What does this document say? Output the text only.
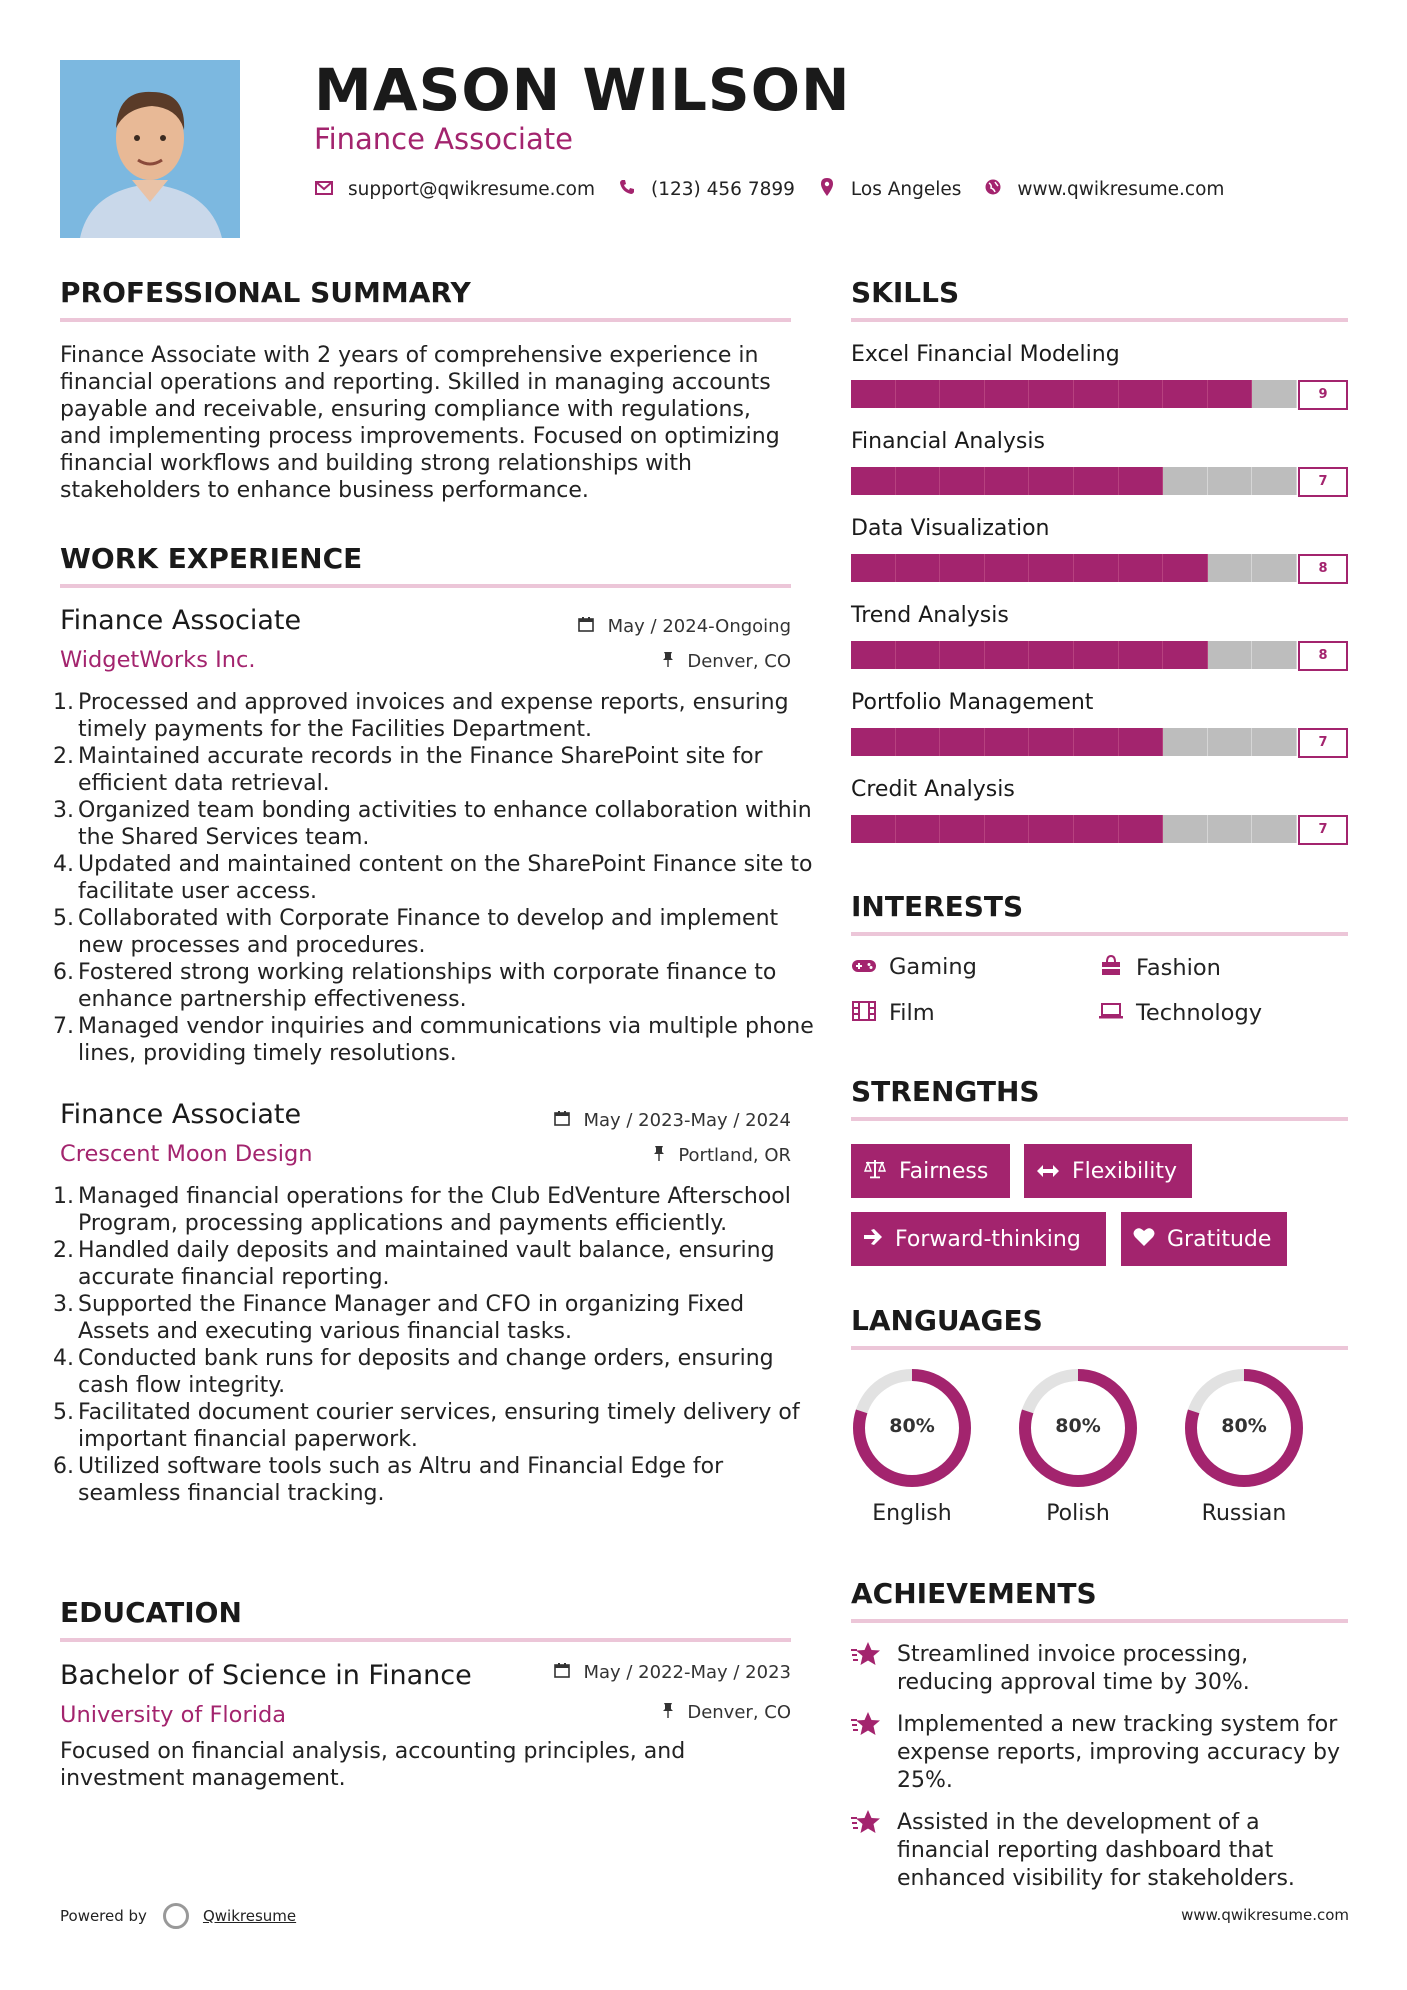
MASON WILSON
Finance Associate
support@qwikresume.com	(123) 456 7899	Los Angeles	www.qwikresume.com
PROFESSIONAL SUMMARY
Finance Associate with 2 years of comprehensive experience in financial operations and reporting. Skilled in managing accounts payable and receivable, ensuring compliance with regulations, and implementing process improvements. Focused on optimizing financial workflows and building strong relationships with stakeholders to enhance business performance.
WORK EXPERIENCE
Finance Associate	May / 2024-Ongoing
WidgetWorks Inc.	Denver, CO
Processed and approved invoices and expense reports, ensuring timely payments for the Facilities Department.
Maintained accurate records in the Finance SharePoint site for efficient data retrieval.
Organized team bonding activities to enhance collaboration within the Shared Services team.
Updated and maintained content on the SharePoint Finance site to facilitate user access.
Collaborated with Corporate Finance to develop and implement new processes and procedures.
Fostered strong working relationships with corporate finance to enhance partnership effectiveness.
Managed vendor inquiries and communications via multiple phone lines, providing timely resolutions.
Finance Associate	May / 2023-May / 2024
Crescent Moon Design	Portland, OR
Managed financial operations for the Club EdVenture Afterschool Program, processing applications and payments efficiently.
Handled daily deposits and maintained vault balance, ensuring accurate financial reporting.
Supported the Finance Manager and CFO in organizing Fixed Assets and executing various financial tasks.
Conducted bank runs for deposits and change orders, ensuring cash flow integrity.
Facilitated document courier services, ensuring timely delivery of important financial paperwork.
Utilized software tools such as Altru and Financial Edge for seamless financial tracking.
EDUCATION
Bachelor of Science in Finance	May / 2022-May / 2023
University of Florida	Denver, CO
Focused on financial analysis, accounting principles, and investment management.
SKILLS
Excel Financial Modeling
9
Financial Analysis
7
Data Visualization
8
Trend Analysis
8
Portfolio Management
7
Credit Analysis
7
INTERESTS
Gaming	Fashion
Film	Technology
STRENGTHS
Fairness	Flexibility
Forward-thinking	Gratitude
LANGUAGES
80%
English
80%
Polish
80%
Russian
ACHIEVEMENTS
Streamlined invoice processing, reducing approval time by 30%.
Implemented a new tracking system for expense reports, improving accuracy by 25%.
Assisted in the development of a financial reporting dashboard that enhanced visibility for stakeholders.
Powered by	Qwikresume	www.qwikresume.com
